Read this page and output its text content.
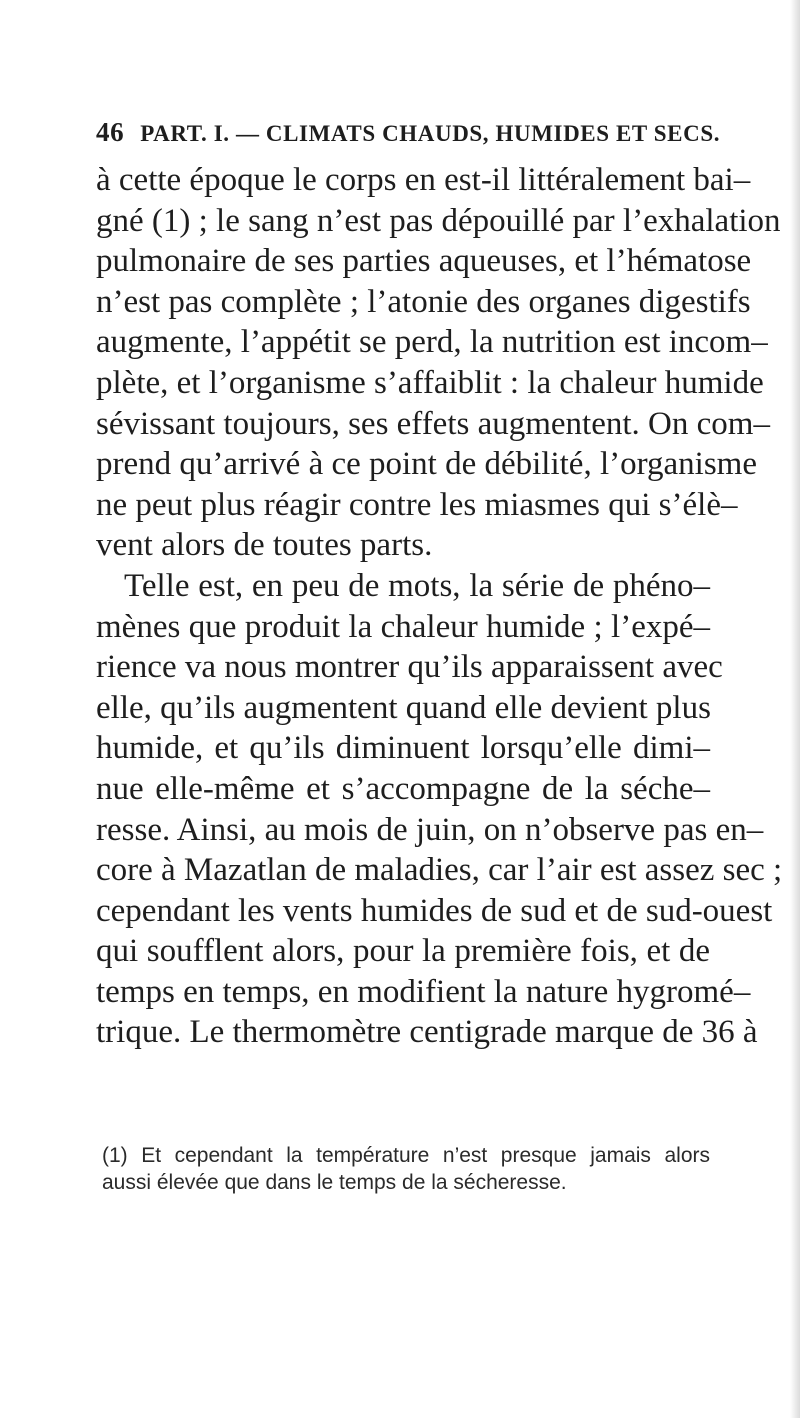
46 PART. I. — CLIMATS CHAUDS, HUMIDES ET SECS.
à cette époque le corps en est-il littéralement bai–
gné (1) ; le sang n’est pas dépouillé par l’exhalation
pulmonaire de ses parties aqueuses, et l’hématose
n’est pas complète ; l’atonie des organes digestifs
augmente, l’appétit se perd, la nutrition est incom–
plète, et l’organisme s’affaiblit : la chaleur humide
sévissant toujours, ses effets augmentent. On com–
prend qu’arrivé à ce point de débilité, l’organisme
ne peut plus réagir contre les miasmes qui s’élè–
vent alors de toutes parts.
Telle est, en peu de mots, la série de phéno–
mènes que produit la chaleur humide ; l’expé–
rience va nous montrer qu’ils apparaissent avec
elle, qu’ils augmentent quand elle devient plus
humide, et qu’ils diminuent lorsqu’elle dimi–
nue elle-même et s’accompagne de la séche–
resse. Ainsi, au mois de juin, on n’observe pas en–
core à Mazatlan de maladies, car l’air est assez sec ;
cependant les vents humides de sud et de sud-ouest
qui soufflent alors, pour la première fois, et de
temps en temps, en modifient la nature hygromé–
trique. Le thermomètre centigrade marque de 36 à
(1) Et cependant la température n’est presque jamais alors
aussi élevée que dans le temps de la sécheresse.
